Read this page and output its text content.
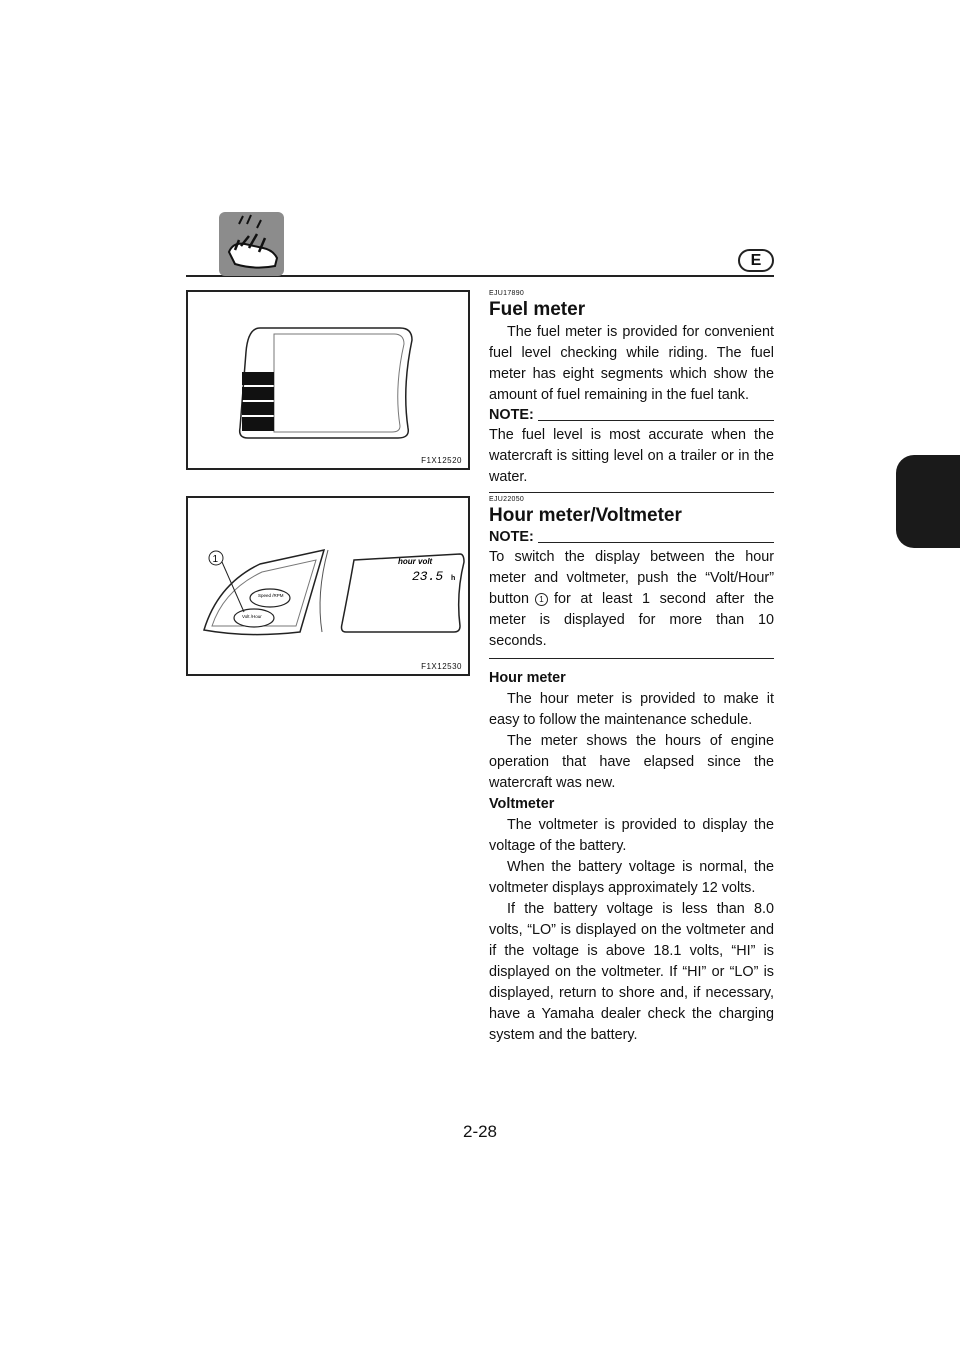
E
F1X12520
1	hour volt
23.5 h
Speed /RPM
Volt /Hour
F1X12530
EJU17890
Fuel meter

The fuel meter is provided for convenient fuel level checking while riding. The fuel meter has eight segments which show the amount of fuel remaining in the fuel tank.

NOTE:

The fuel level is most accurate when the watercraft is sitting level on a trailer or in the water.

EJU22050
Hour meter/Voltmeter
NOTE:

To switch the display between the hour meter and voltmeter, push the “Volt/Hour” button 1 for at least 1 second after the meter is displayed for more than 10 seconds.

Hour meter

The hour meter is provided to make it easy to follow the maintenance schedule.

The meter shows the hours of engine operation that have elapsed since the watercraft was new.

Voltmeter

The voltmeter is provided to display the voltage of the battery.

When the battery voltage is normal, the voltmeter displays approximately 12 volts.

If the battery voltage is less than 8.0 volts, “LO” is displayed on the voltmeter and if the voltage is above 18.1 volts, “HI” is displayed on the voltmeter. If “HI” or “LO” is displayed, return to shore and, if necessary, have a Yamaha dealer check the charging system and the battery.

2-28
